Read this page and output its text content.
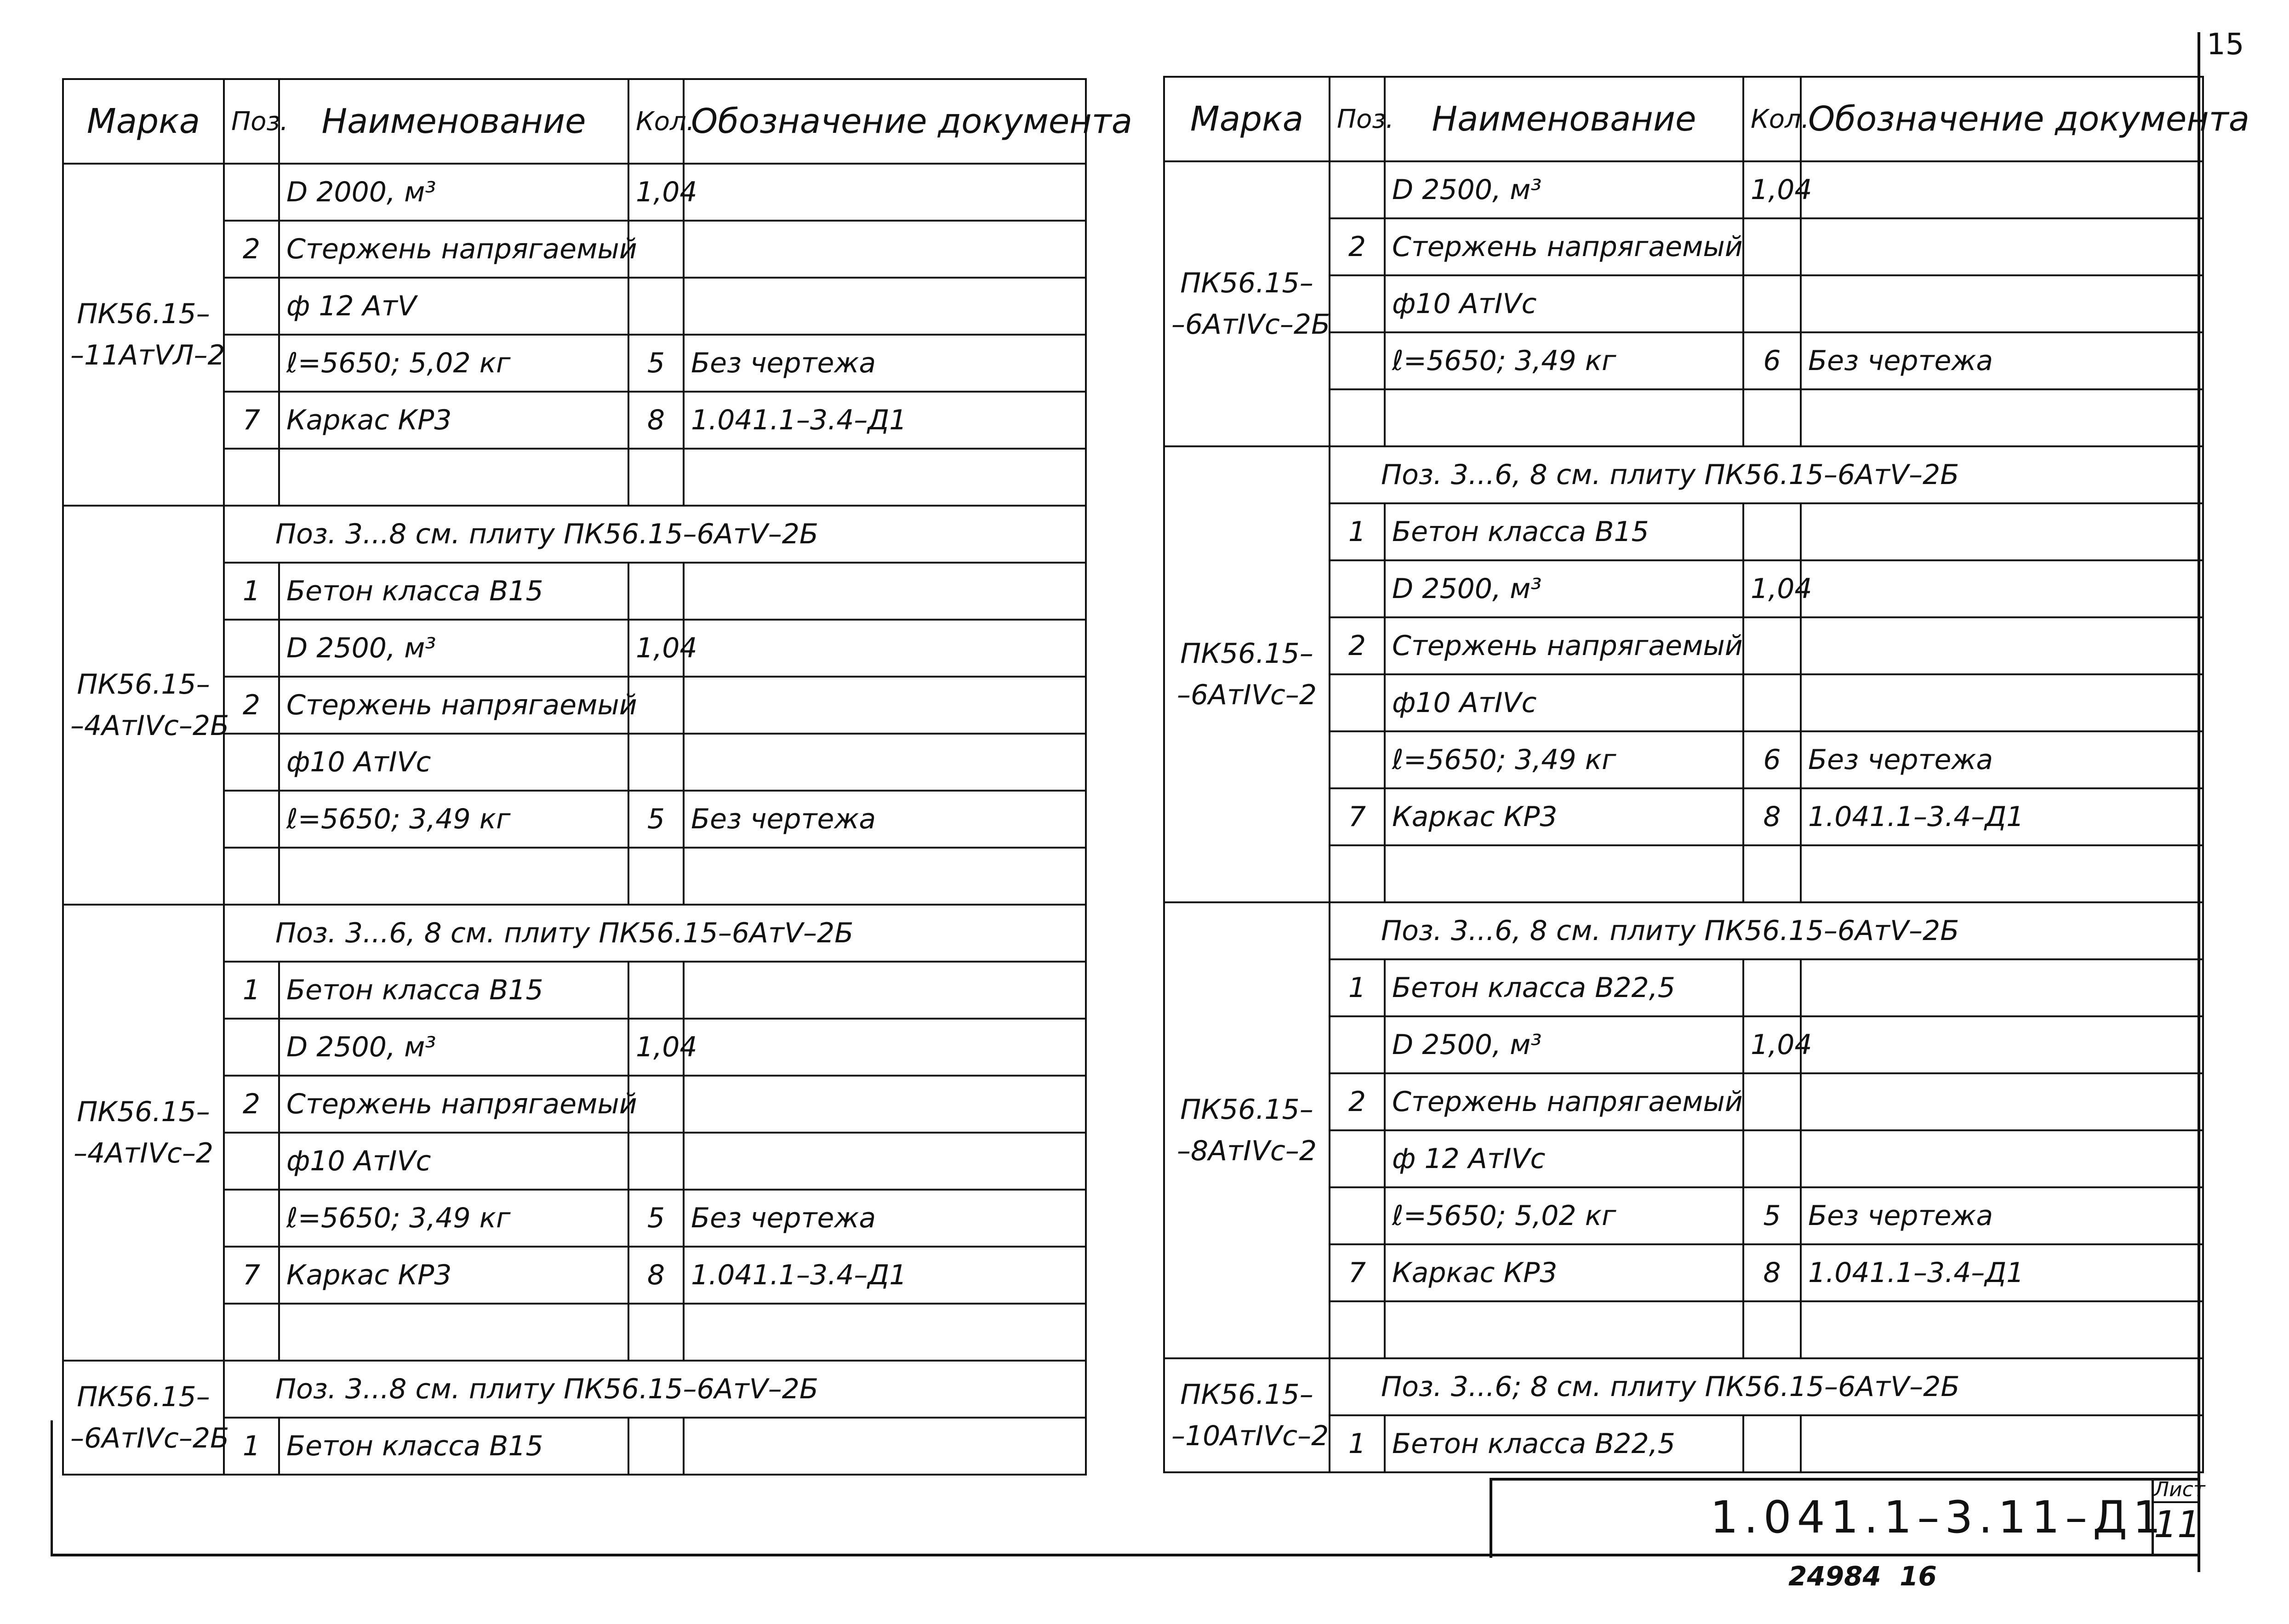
15
Марка	Поз.	Наименование	Кол.	Обозначение документа
ПК56.15–
–11АтVЛ–2		D 2000, м³	1,04	
	2	Стержень напрягаемый		
		ф 12 АтV		
		ℓ=5650; 5,02 кг	5	Без чертежа
	7	Каркас КР3	8	1.041.1–3.4–Д1

ПК56.15–
–4АтIVс–2Б	Поз. 3...8 см. плиту ПК56.15–6АтV–2Б			
	1	Бетон класса В15		
		D 2500, м³	1,04	
	2	Стержень напрягаемый		
		ф10 АтIVс		
		ℓ=5650; 3,49 кг	5	Без чертежа

ПК56.15–
–4АтIVс–2	Поз. 3...6, 8 см. плиту ПК56.15–6АтV–2Б			
	1	Бетон класса В15		
		D 2500, м³	1,04	
	2	Стержень напрягаемый		
		ф10 АтIVс		
		ℓ=5650; 3,49 кг	5	Без чертежа
	7	Каркас КР3	8	1.041.1–3.4–Д1

ПК56.15–
–6АтIVс–2Б	Поз. 3...8 см. плиту ПК56.15–6АтV–2Б			
	1	Бетон класса В15		
Марка	Поз.	Наименование	Кол.	Обозначение документа
ПК56.15–
–6АтIVс–2Б		D 2500, м³	1,04	
	2	Стержень напрягаемый		
		ф10 АтIVс		
		ℓ=5650; 3,49 кг	6	Без чертежа

ПК56.15–
–6АтIVс–2	Поз. 3...6, 8 см. плиту ПК56.15–6АтV–2Б			
	1	Бетон класса В15		
		D 2500, м³	1,04	
	2	Стержень напрягаемый		
		ф10 АтIVс		
		ℓ=5650; 3,49 кг	6	Без чертежа
	7	Каркас КР3	8	1.041.1–3.4–Д1

ПК56.15–
–8АтIVс–2	Поз. 3...6, 8 см. плиту ПК56.15–6АтV–2Б			
	1	Бетон класса В22,5		
		D 2500, м³	1,04	
	2	Стержень напрягаемый		
		ф 12 АтIVс		
		ℓ=5650; 5,02 кг	5	Без чертежа
	7	Каркас КР3	8	1.041.1–3.4–Д1

ПК56.15–
–10АтIVс–2	Поз. 3...6; 8 см. плиту ПК56.15–6АтV–2Б			
	1	Бетон класса В22,5		
1.041.1–3.11–Д1
Лист
11
24984  16
